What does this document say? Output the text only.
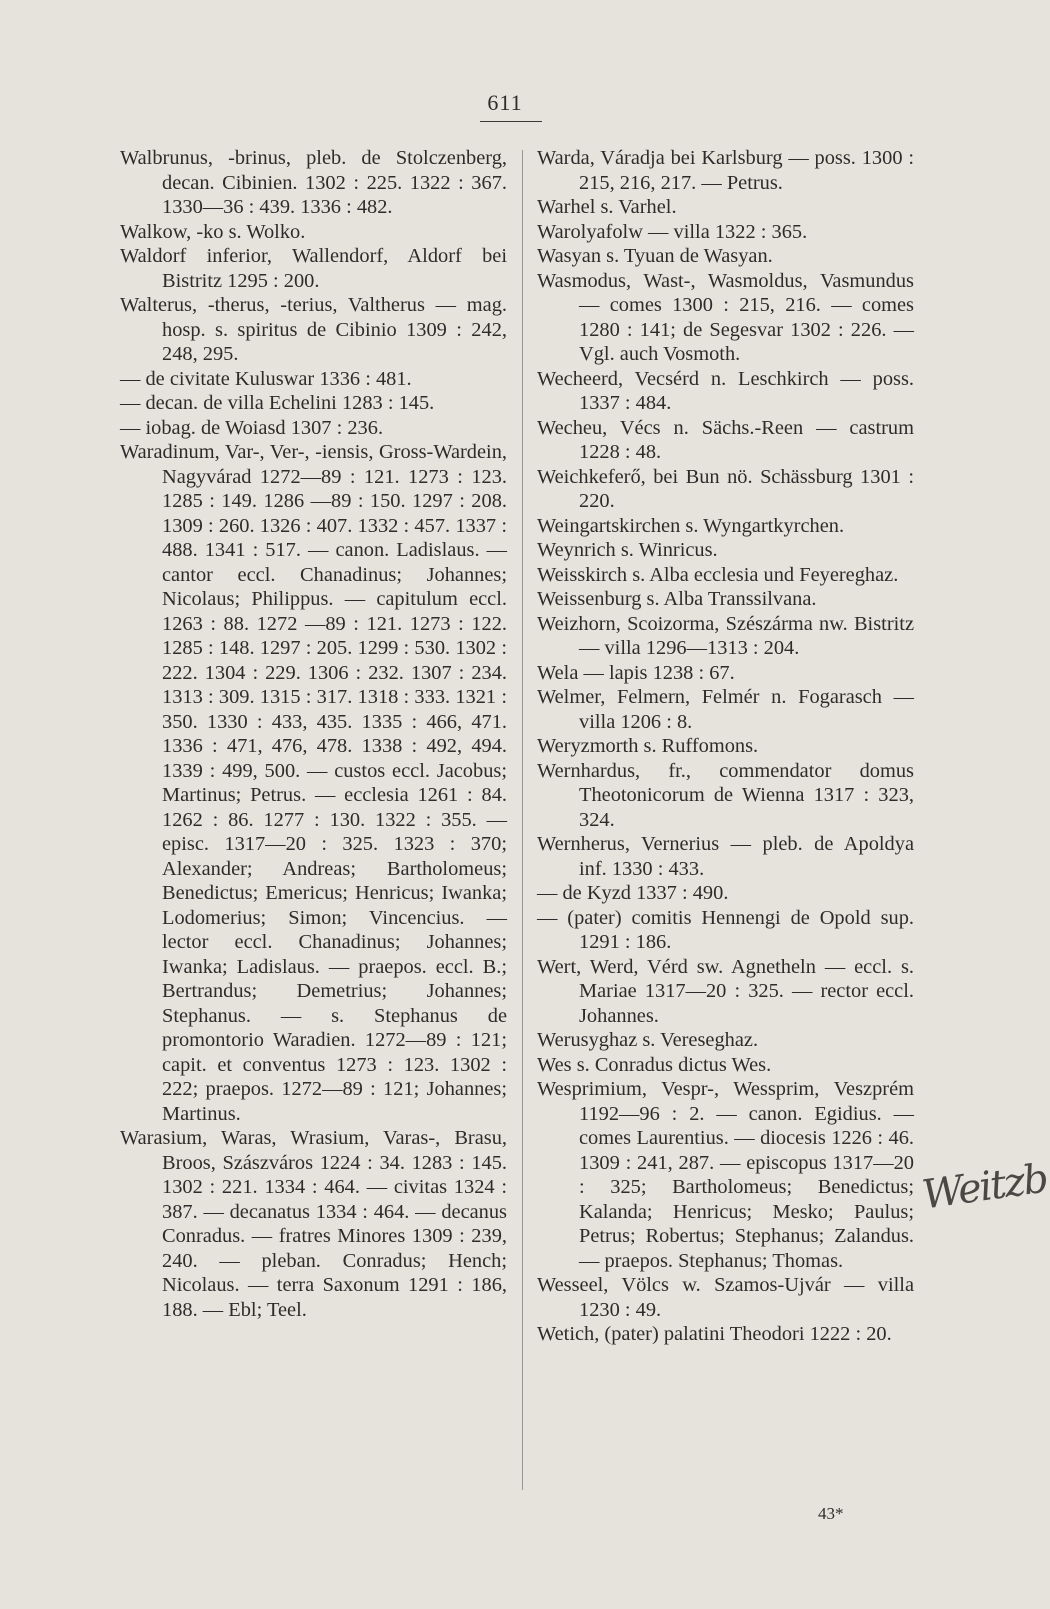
611

Walbrunus, -brinus, pleb. de Stolczenberg, decan. Cibinien. 1302 : 225. 1322 : 367. 1330—36 : 439. 1336 : 482.

Walkow, -ko s. Wolko.

Waldorf inferior, Wallendorf, Aldorf bei Bistritz 1295 : 200.

Walterus, -therus, -terius, Valtherus — mag. hosp. s. spiritus de Cibinio 1309 : 242, 248, 295.

— de civitate Kuluswar 1336 : 481.

— decan. de villa Echelini 1283 : 145.

— iobag. de Woiasd 1307 : 236.

Waradinum, Var-, Ver-, -iensis, Gross-Wardein, Nagyvárad 1272—89 : 121. 1273 : 123. 1285 : 149. 1286 —89 : 150. 1297 : 208. 1309 : 260. 1326 : 407. 1332 : 457. 1337 : 488. 1341 : 517. — canon. Ladislaus. — cantor eccl. Chanadinus; Johannes; Nicolaus; Philippus. — capitulum eccl. 1263 : 88. 1272 —89 : 121. 1273 : 122. 1285 : 148. 1297 : 205. 1299 : 530. 1302 : 222. 1304 : 229. 1306 : 232. 1307 : 234. 1313 : 309. 1315 : 317. 1318 : 333. 1321 : 350. 1330 : 433, 435. 1335 : 466, 471. 1336 : 471, 476, 478. 1338 : 492, 494. 1339 : 499, 500. — custos eccl. Jacobus; Martinus; Petrus. — ecclesia 1261 : 84. 1262 : 86. 1277 : 130. 1322 : 355. — episc. 1317—20 : 325. 1323 : 370; Alexander; Andreas; Bartholomeus; Benedictus; Emericus; Henricus; Iwanka; Lodomerius; Simon; Vincencius. — lector eccl. Chanadinus; Johannes; Iwanka; Ladislaus. — praepos. eccl. B.; Bertrandus; Demetrius; Johannes; Stephanus. — s. Stephanus de promontorio Waradien. 1272—89 : 121; capit. et conventus 1273 : 123. 1302 : 222; praepos. 1272—89 : 121; Johannes; Martinus.

Warasium, Waras, Wrasium, Varas-, Brasu, Broos, Szászváros 1224 : 34. 1283 : 145. 1302 : 221. 1334 : 464. — civitas 1324 : 387. — decanatus 1334 : 464. — decanus Conradus. — fratres Minores 1309 : 239, 240. — pleban. Conradus; Hench; Nicolaus. — terra Saxonum 1291 : 186, 188. — Ebl; Teel.

Warda, Váradja bei Karlsburg — poss. 1300 : 215, 216, 217. — Petrus.

Warhel s. Varhel.

Warolyafolw — villa 1322 : 365.

Wasyan s. Tyuan de Wasyan.

Wasmodus, Wast-, Wasmoldus, Vasmundus — comes 1300 : 215, 216. — comes 1280 : 141; de Segesvar 1302 : 226. — Vgl. auch Vosmoth.

Wecheerd, Vecsérd n. Leschkirch — poss. 1337 : 484.

Wecheu, Vécs n. Sächs.-Reen — castrum 1228 : 48.

Weichkeferő, bei Bun nö. Schässburg 1301 : 220.

Weingartskirchen s. Wyngartkyrchen.

Weynrich s. Winricus.

Weisskirch s. Alba ecclesia und Feyereghaz.

Weissenburg s. Alba Transsilvana.

Weizhorn, Scoizorma, Szészárma nw. Bistritz — villa 1296—1313 : 204.

Wela — lapis 1238 : 67.

Welmer, Felmern, Felmér n. Fogarasch — villa 1206 : 8.

Weryzmorth s. Ruffomons.

Wernhardus, fr., commendator domus Theotonicorum de Wienna 1317 : 323, 324.

Wernherus, Vernerius — pleb. de Apoldya inf. 1330 : 433.

— de Kyzd 1337 : 490.

— (pater) comitis Hennengi de Opold sup. 1291 : 186.

Wert, Werd, Vérd sw. Agnetheln — eccl. s. Mariae 1317—20 : 325. — rector eccl. Johannes.

Werusyghaz s. Vereseghaz.

Wes s. Conradus dictus Wes.

Wesprimium, Vespr-, Wessprim, Veszprém 1192—96 : 2. — canon. Egidius. — comes Laurentius. — diocesis 1226 : 46. 1309 : 241, 287. — episcopus 1317—20 : 325; Bartholomeus; Benedictus; Kalanda; Henricus; Mesko; Paulus; Petrus; Robertus; Stephanus; Zalandus. — praepos. Stephanus; Thomas.

Wesseel, Völcs w. Szamos-Ujvár — villa 1230 : 49.

Wetich, (pater) palatini Theodori 1222 : 20.

Weitzb
43*
